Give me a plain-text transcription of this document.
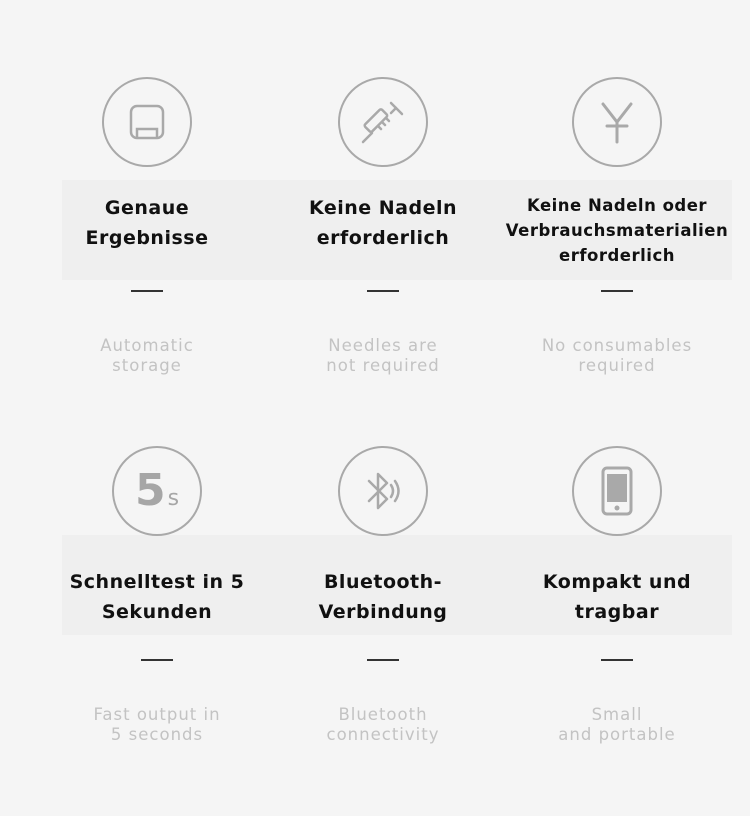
Genaue
Ergebnisse
Automatic
storage
Keine Nadeln
erforderlich
Needles are
not required
Keine Nadeln oder
Verbrauchsmaterialien
erforderlich
No consumables
required
5s
Schnelltest in 5
Sekunden
Fast output in
5 seconds
Bluetooth-
Verbindung
Bluetooth
connectivity
Kompakt und
tragbar
Small
and portable
